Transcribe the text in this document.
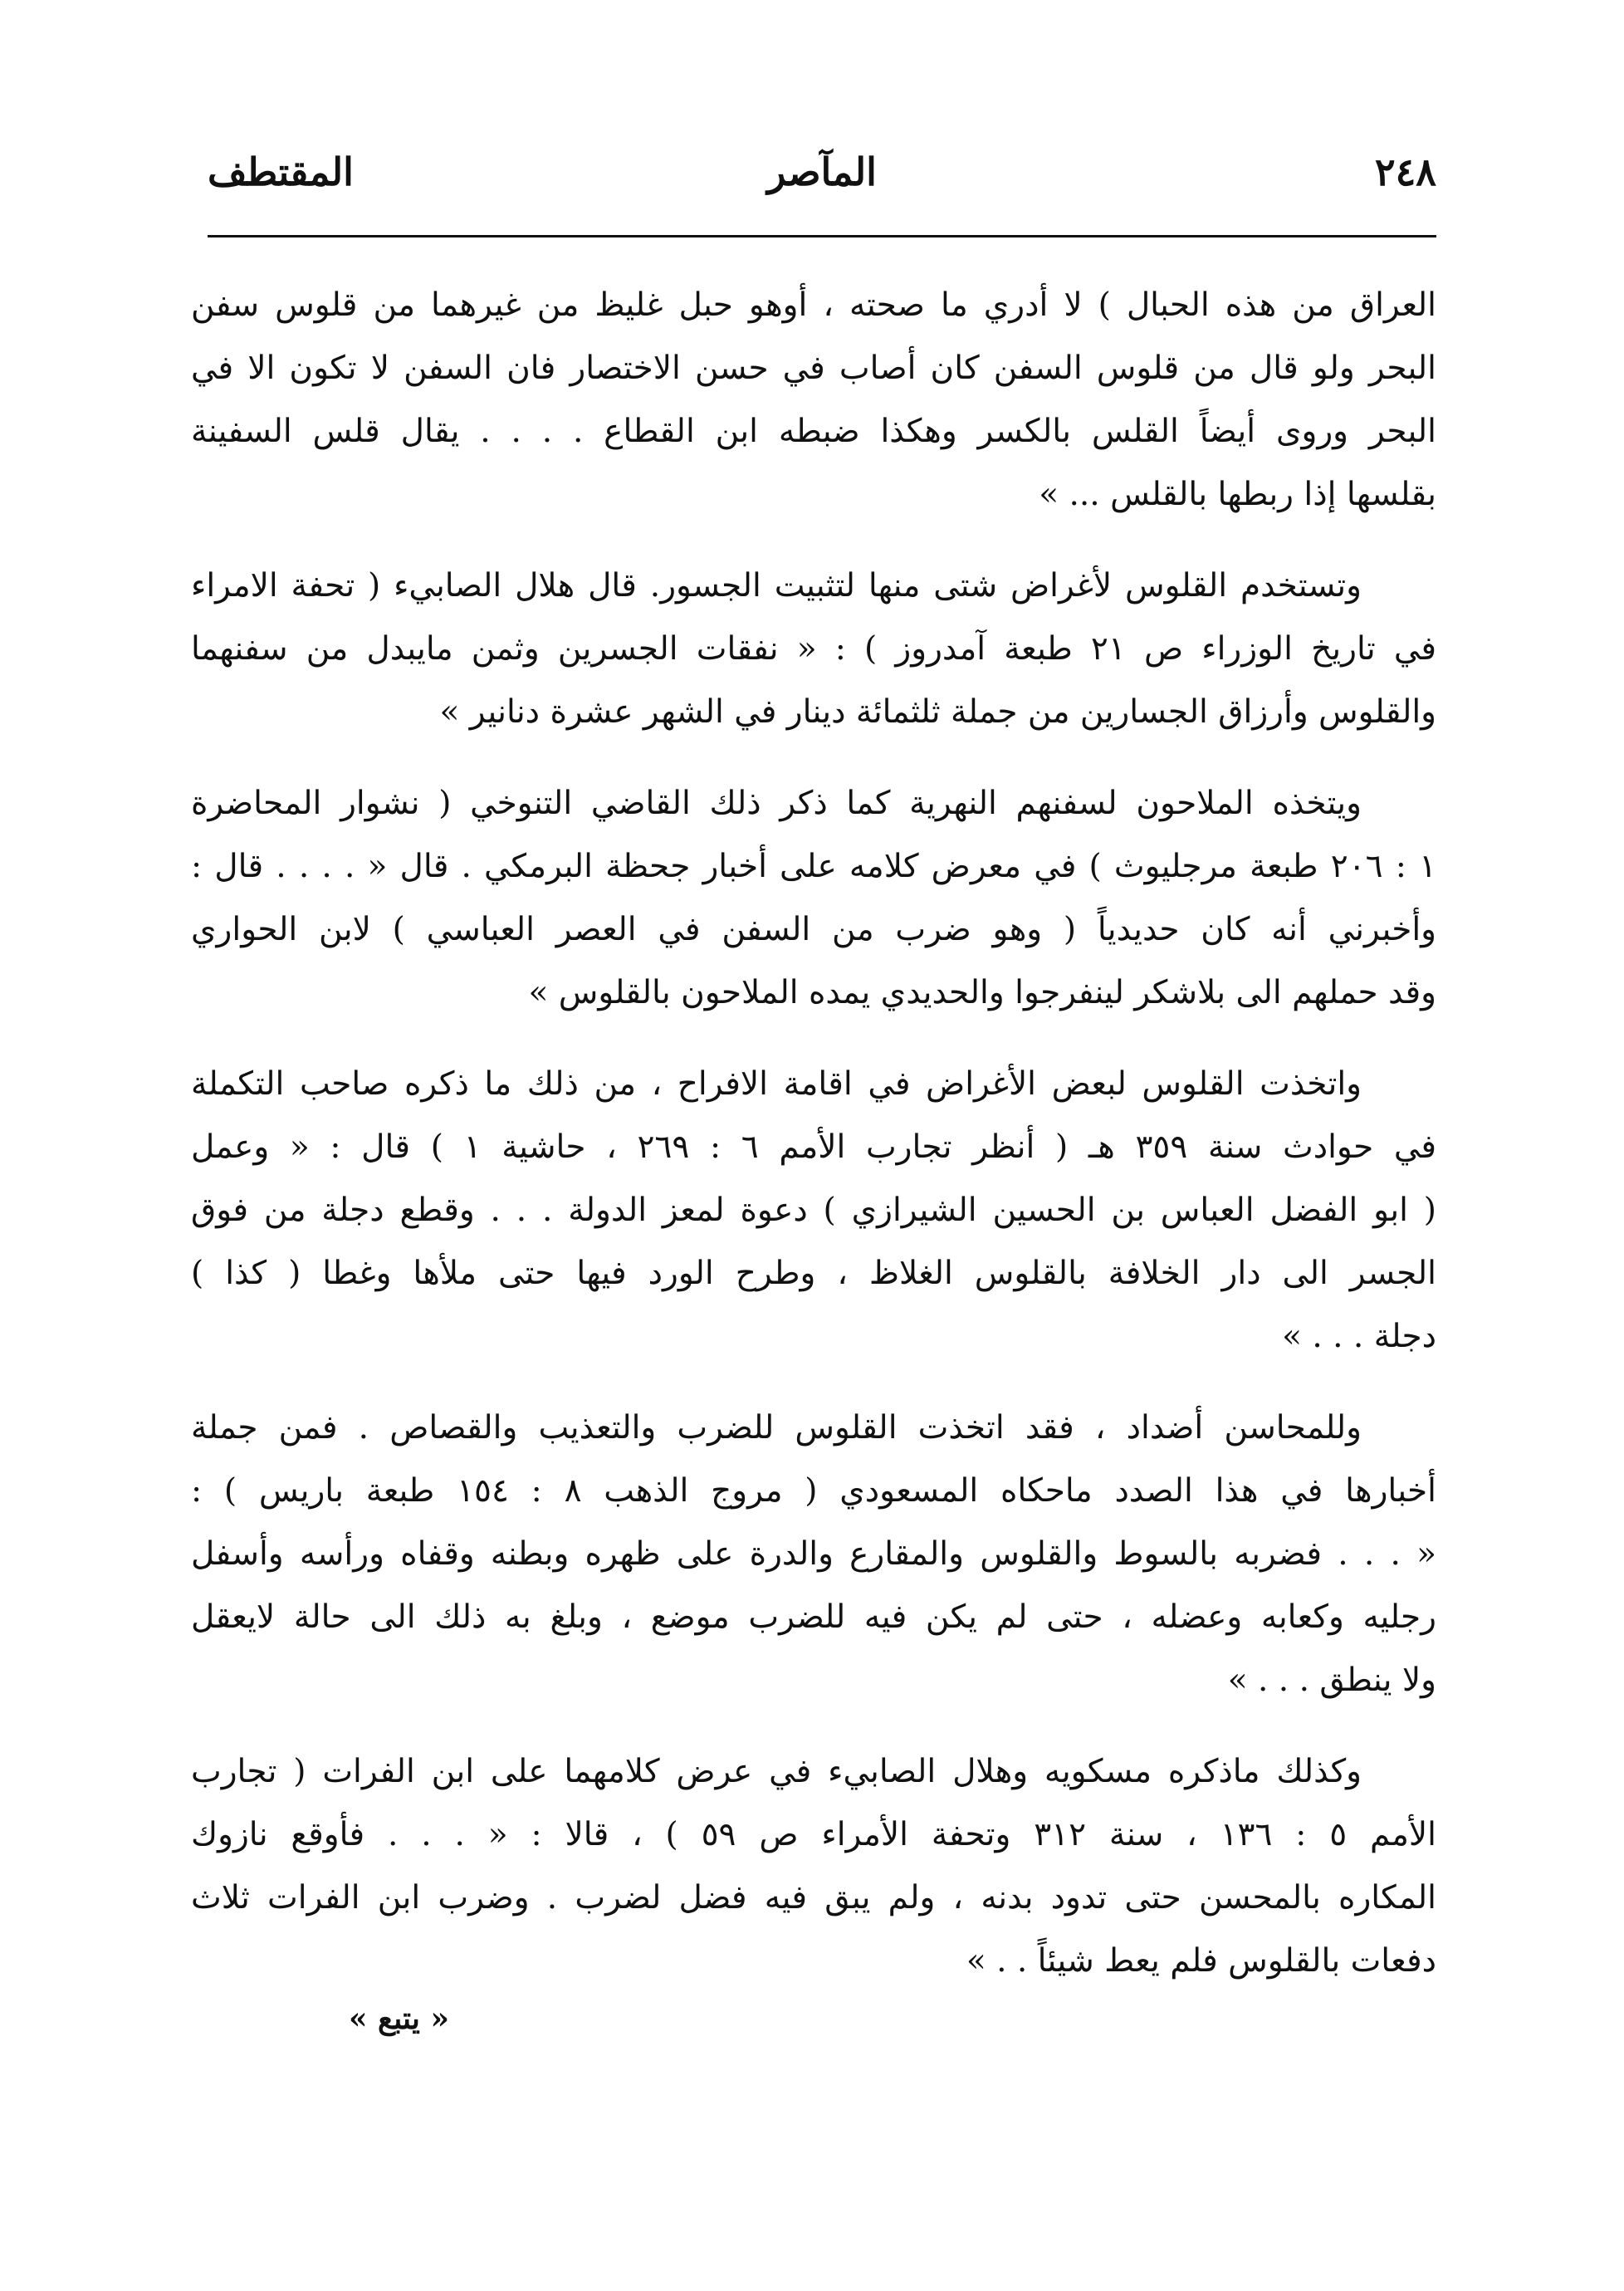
٢٤٨
المآصر
المقتطف

العراق من هذه الحبال ) لا أدري ما صحته ، أوهو حبل غليظ من غيرهما من قلوس سفن
البحر ولو قال من قلوس السفن كان أصاب في حسن الاختصار فان السفن لا تكون الا في
البحر وروى أيضاً القلس بالكسر وهكذا ضبطه ابن القطاع . . . . يقال قلس السفينة
بقلسها إذا ربطها بالقلس ... »

وتستخدم القلوس لأغراض شتى منها لتثبيت الجسور. قال هلال الصابيء ( تحفة الامراء
في تاريخ الوزراء ص ٢١ طبعة آمدروز ) : « نفقات الجسرين وثمن مايبدل من سفنهما
والقلوس وأرزاق الجسارين من جملة ثلثمائة دينار في الشهر عشرة دنانير »

ويتخذه الملاحون لسفنهم النهرية كما ذكر ذلك القاضي التنوخي ( نشوار المحاضرة
١ : ٢٠٦ طبعة مرجليوث ) في معرض كلامه على أخبار جحظة البرمكي . قال « . . . . قال :
وأخبرني أنه كان حديدياً ( وهو ضرب من السفن في العصر العباسي ) لابن الحواري
وقد حملهم الى بلاشكر لينفرجوا والحديدي يمده الملاحون بالقلوس »

واتخذت القلوس لبعض الأغراض في اقامة الافراح ، من ذلك ما ذكره صاحب التكملة
في حوادث سنة ٣٥٩ هـ ( أنظر تجارب الأمم ٦ : ٢٦٩ ، حاشية ١ ) قال : « وعمل
( ابو الفضل العباس بن الحسين الشيرازي ) دعوة لمعز الدولة . . . وقطع دجلة من فوق
الجسر الى دار الخلافة بالقلوس الغلاظ ، وطرح الورد فيها حتى ملأها وغطا ( كذا )
دجلة . . . »

وللمحاسن أضداد ، فقد اتخذت القلوس للضرب والتعذيب والقصاص . فمن جملة
أخبارها في هذا الصدد ماحكاه المسعودي ( مروج الذهب ٨ : ١٥٤ طبعة باريس ) :
« . . . فضربه بالسوط والقلوس والمقارع والدرة على ظهره وبطنه وقفاه ورأسه وأسفل
رجليه وكعابه وعضله ، حتى لم يكن فيه للضرب موضع ، وبلغ به ذلك الى حالة لايعقل
ولا ينطق . . . »

وكذلك ماذكره مسكويه وهلال الصابيء في عرض كلامهما على ابن الفرات ( تجارب
الأمم ٥ : ١٣٦ ، سنة ٣١٢ وتحفة الأمراء ص ٥٩ ) ، قالا : « . . . فأوقع نازوك
المكاره بالمحسن حتى تدود بدنه ، ولم يبق فيه فضل لضرب . وضرب ابن الفرات ثلاث
دفعات بالقلوس فلم يعط شيئاً . . »

« يتبع »
